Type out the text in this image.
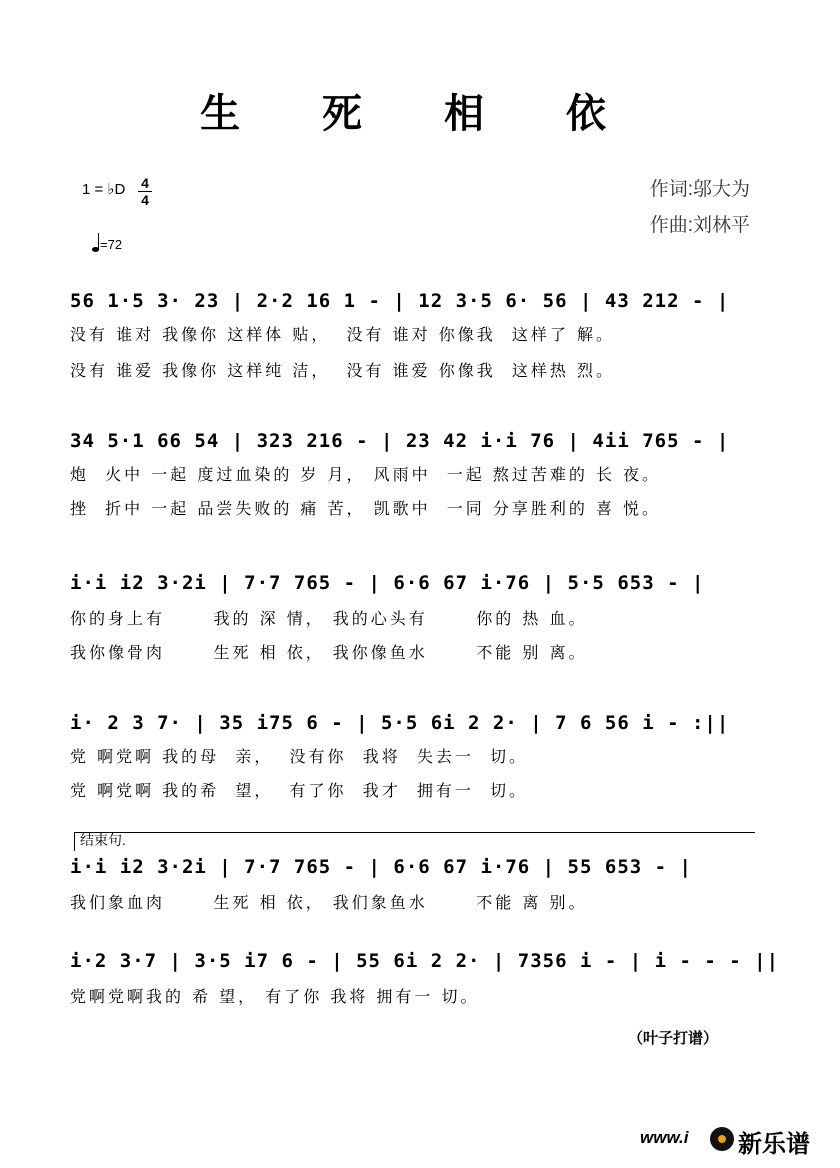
生 死 相 依
1 = ♭D 4
4
=72
作词:邬大为
作曲:刘林平
56 1·5 3· 23 | 2·2 16 1 - | 12 3·5 6· 56 | 43 212 - |
没有 谁对 我像你 这样体 贴，  没有 谁对 你像我  这样了 解。
没有 谁爱 我像你 这样纯 洁，  没有 谁爱 你像我  这样热 烈。
34 5·1 66 54 | 323 216 - | 23 42 i·i 76 | 4ii 765 - |
炮  火中 一起 度过血染的 岁 月， 风雨中  一起 熬过苦难的 长 夜。
挫  折中 一起 品尝失败的 痛 苦， 凯歌中  一同 分享胜利的 喜 悦。
i·i i2 3·2i | 7·7 765 - | 6·6 67 i·76 | 5·5 653 - |
你的身上有      我的 深 情， 我的心头有      你的 热 血。
我你像骨肉      生死 相 依， 我你像鱼水      不能 别 离。
i· 2 3 7· | 35 i75 6 - | 5·5 6i 2 2· | 7 6 56 i - :||
党 啊党啊 我的母  亲，  没有你  我将  失去一  切。
党 啊党啊 我的希  望，  有了你  我才  拥有一  切。
结束句.
i·i i2 3·2i | 7·7 765 - | 6·6 67 i·76 | 55 653 - |
我们象血肉      生死 相 依， 我们象鱼水      不能 离 别。
i·2 3·7 | 3·5 i7 6 - | 55 6i 2 2· | 7356 i - | i - - - ||
党啊党啊我的 希 望， 有了你 我将 拥有一 切。
（叶子打谱）
www.i 新乐谱
